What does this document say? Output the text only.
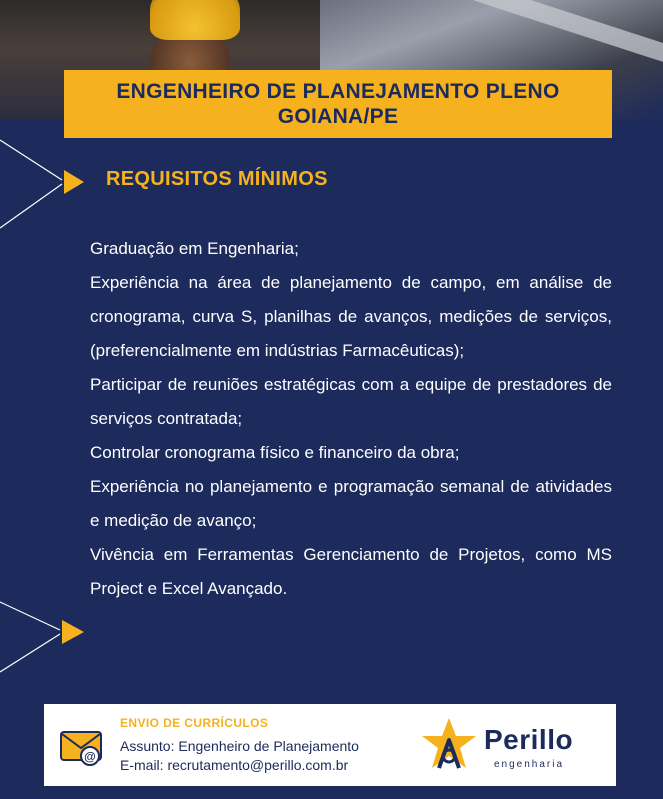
ENGENHEIRO DE PLANEJAMENTO PLENO
GOIANA/PE
REQUISITOS MÍNIMOS
Graduação em Engenharia;
Experiência na área de planejamento de campo, em análise de cronograma, curva S, planilhas de avanços, medições de serviços, (preferencialmente em indústrias Farmacêuticas);
Participar de reuniões estratégicas com a equipe de prestadores de serviços contratada;
Controlar cronograma físico e financeiro da obra;
Experiência no planejamento e programação semanal de atividades e medição de avanço;
Vivência em Ferramentas Gerenciamento de Projetos, como MS Project e Excel Avançado.
@
ENVIO DE CURRÍCULOS
Assunto: Engenheiro de Planejamento
E-mail: recrutamento@perillo.com.br
Perillo
engenharia
